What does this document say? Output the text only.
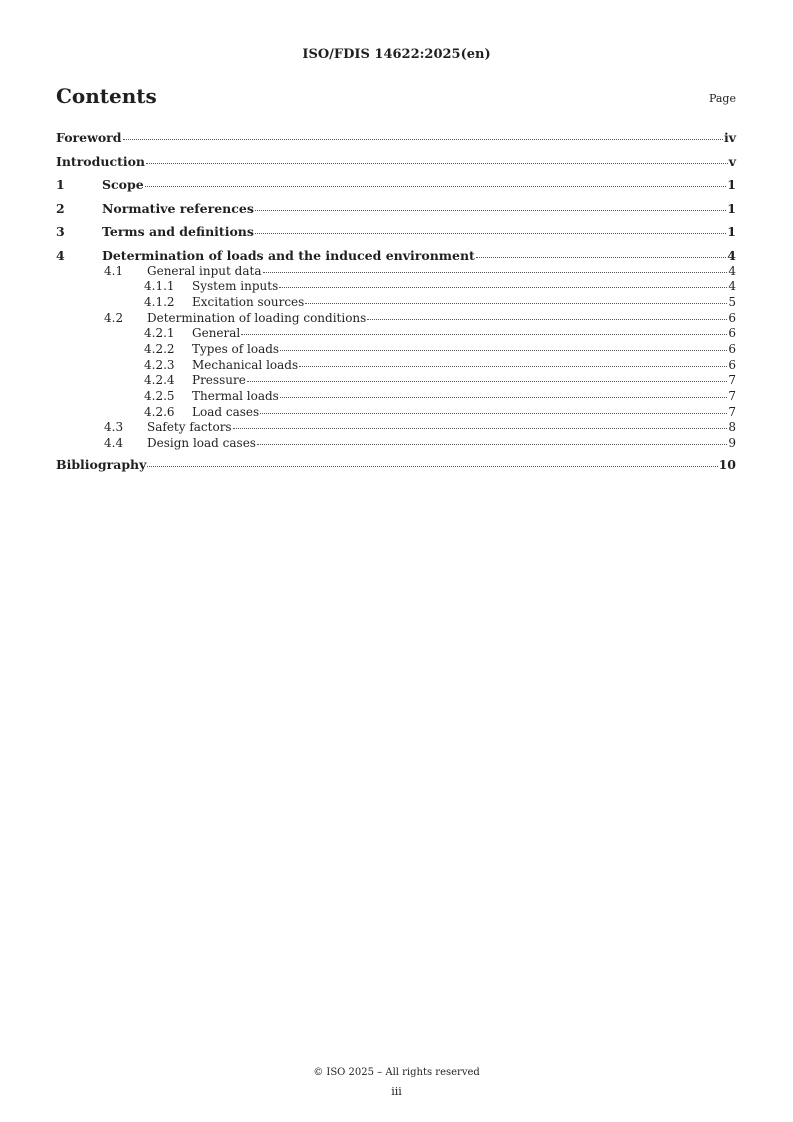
ISO/FDIS 14622:2025(en)
Contents	Page
Foreword	iv
Introduction	v
1	Scope	1
2	Normative references	1
3	Terms and definitions	1
4	Determination of loads and the induced environment	4
4.1	General input data	4
4.1.1	System inputs	4
4.1.2	Excitation sources	5
4.2	Determination of loading conditions	6
4.2.1	General	6
4.2.2	Types of loads	6
4.2.3	Mechanical loads	6
4.2.4	Pressure	7
4.2.5	Thermal loads	7
4.2.6	Load cases	7
4.3	Safety factors	8
4.4	Design load cases	9
Bibliography	10
© ISO 2025 – All rights reserved
iii
